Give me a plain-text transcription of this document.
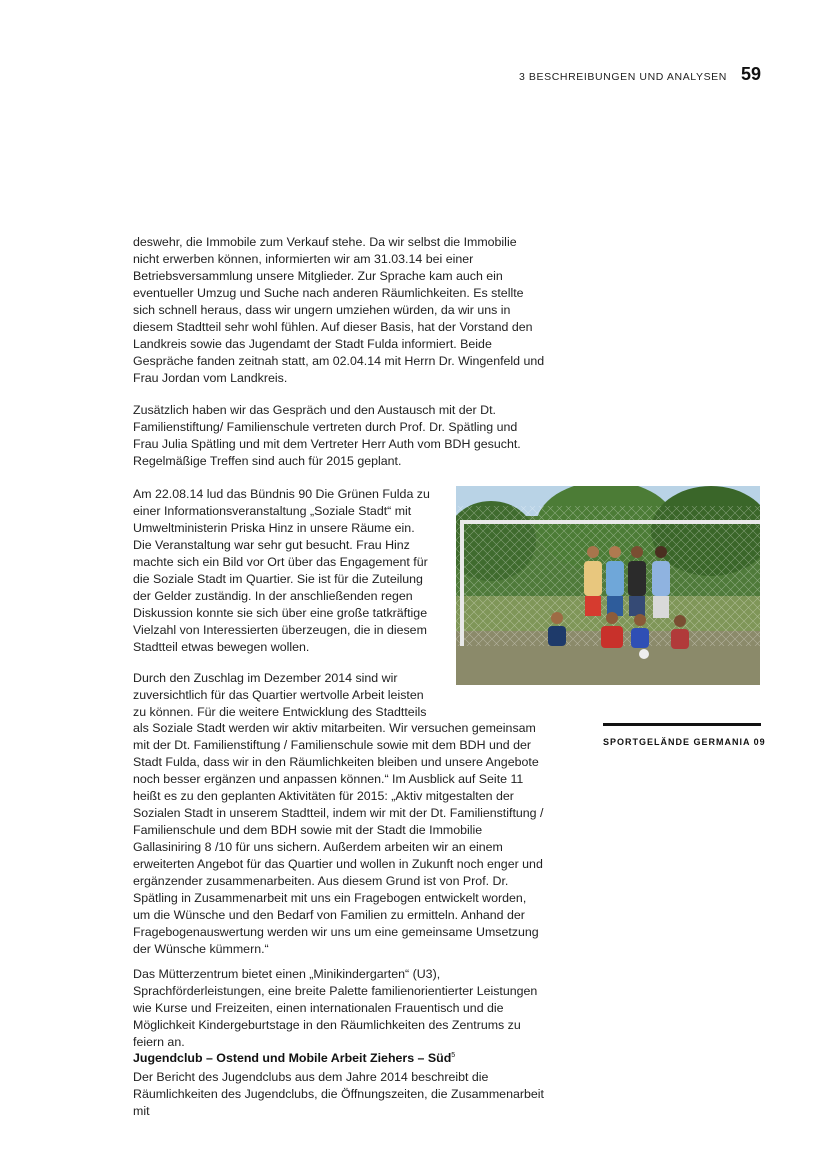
3 BESCHREIBUNGEN UND ANALYSEN 59

deswehr, die Immobile zum Verkauf stehe. Da wir selbst die Immobilie nicht erwerben können, informierten wir am 31.03.14 bei einer Betriebsversammlung unsere Mitglieder. Zur Sprache kam auch ein eventueller Umzug und Suche nach anderen Räumlichkeiten. Es stellte sich schnell heraus, dass wir ungern umziehen würden, da wir uns in diesem Stadtteil sehr wohl fühlen. Auf dieser Basis, hat der Vorstand den Landkreis sowie das Jugendamt der Stadt Fulda informiert. Beide Gespräche fanden zeitnah statt, am 02.04.14 mit Herrn Dr. Wingenfeld und Frau Jordan vom Landkreis.

Zusätzlich haben wir das Gespräch und den Austausch mit der Dt. Familienstiftung/ Familienschule vertreten durch Prof. Dr. Spätling und Frau Julia Spätling und mit dem Vertreter Herr Auth vom BDH gesucht. Regelmäßige Treffen sind auch für 2015 geplant.

Am 22.08.14 lud das Bündnis 90 Die Grünen Fulda zu einer Informationsveranstaltung „Soziale Stadt“ mit Umweltministerin Priska Hinz in unsere Räume ein. Die Veranstaltung war sehr gut besucht. Frau Hinz machte sich ein Bild vor Ort über das Engagement für die Soziale Stadt im Quartier. Sie ist für die Zuteilung der Gelder zuständig. In der anschließenden regen Diskussion konnte sie sich über eine große tatkräftige Vielzahl von Interessierten überzeugen, die in diesem Stadtteil etwas bewegen wollen.

Durch den Zuschlag im Dezember 2014 sind wir zuversichtlich für das Quartier wertvolle Arbeit leisten zu können. Für die weitere Entwicklung des Stadtteils

als Soziale Stadt werden wir aktiv mitarbeiten. Wir versuchen gemeinsam mit der Dt. Familienstiftung / Familienschule sowie mit dem BDH und der Stadt Fulda, dass wir in den Räumlichkeiten bleiben und unsere Angebote noch besser ergänzen und anpassen können.“ Im Ausblick auf Seite 11 heißt es zu den geplanten Aktivitäten für 2015: „Aktiv mitgestalten der Sozialen Stadt in unserem Stadtteil, indem wir mit der Dt. Familienstiftung / Familienschule und dem BDH sowie mit der Stadt die Immobilie Gallasiniring 8 /10 für uns sichern. Außerdem arbeiten wir an einem erweiterten Angebot für das Quartier und wollen in Zukunft noch enger und ergänzender zusammenarbeiten. Aus diesem Grund ist von Prof. Dr. Spätling in Zusammenarbeit mit uns ein Fragebogen entwickelt worden, um die Wünsche und den Bedarf von Familien zu ermitteln. Anhand der Fragebogenauswertung werden wir uns um eine gemeinsame Umsetzung der Wünsche kümmern.“

Das Mütterzentrum bietet einen „Minikindergarten“ (U3), Sprachförderleistungen, eine breite Palette familienorientierter Leistungen wie Kurse und Freizeiten, einen internationalen Frauentisch und die Möglichkeit Kindergeburtstage in den Räumlichkeiten des Zentrums zu feiern an.

Jugendclub – Ostend und Mobile Arbeit Ziehers – Süd$^5$

Der Bericht des Jugendclubs aus dem Jahre 2014 beschreibt die Räumlichkeiten des Jugendclubs, die Öffnungszeiten, die Zusammenarbeit mit

SPORTGELÄNDE GERMANIA 09
